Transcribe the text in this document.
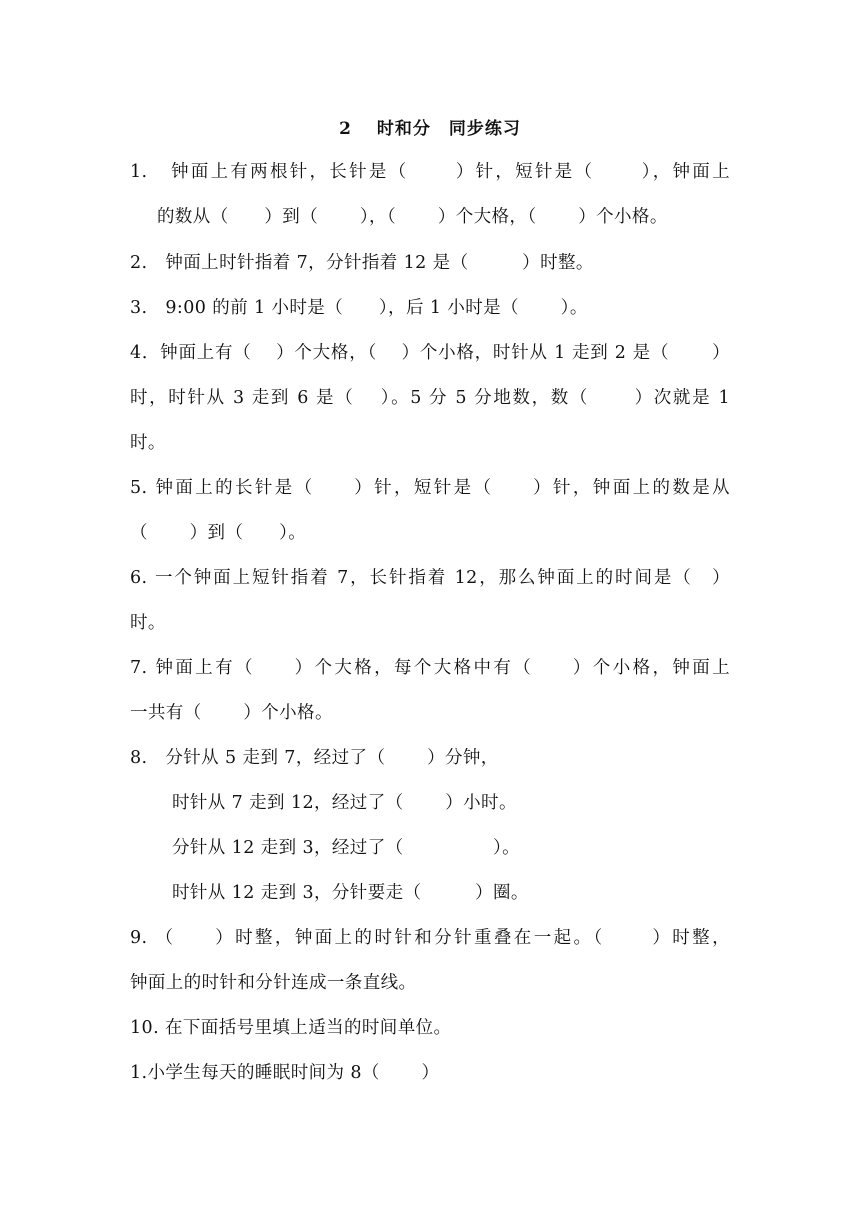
2　 时和分　同步练习
1.   钟面上有两根针，长针是（　　 ）针，短针是（　　 ），钟面上
的数从（　　）到（　　 ），（　　 ）个大格，（　　 ）个小格。
2.   钟面上时针指着 7，分针指着 12 是（　　　）时整。
3.   9:00 的前 1 小时是（　　），后 1 小时是（　　 ）。
4．钟面上有（　 ）个大格，（　 ）个小格，时针从 1 走到 2 是（　　 ）
时，时针从 3 走到 6 是（　 ）。5 分 5 分地数，数（　　 ）次就是 1
时。
5. 钟面上的长针是（　　）针，短针是（　　）针，钟面上的数是从
（　　 ）到（　　）。
6. 一个钟面上短针指着 7，长针指着 12，那么钟面上的时间是（　）
时。
7. 钟面上有（　　）个大格，每个大格中有（　　）个小格，钟面上
一共有（　　 ）个小格。
8.   分针从 5 走到 7，经过了（　　 ）分钟，
时针从 7 走到 12，经过了（　　 ）小时。
分针从 12 走到 3，经过了（　　　　　）。
时针从 12 走到 3，分针要走（　　　）圈。
9. （　　）时整，钟面上的时针和分针重叠在一起。（　　 ）时整，
钟面上的时针和分针连成一条直线。
10. 在下面括号里填上适当的时间单位。
1.小学生每天的睡眠时间为 8（　　 ）
